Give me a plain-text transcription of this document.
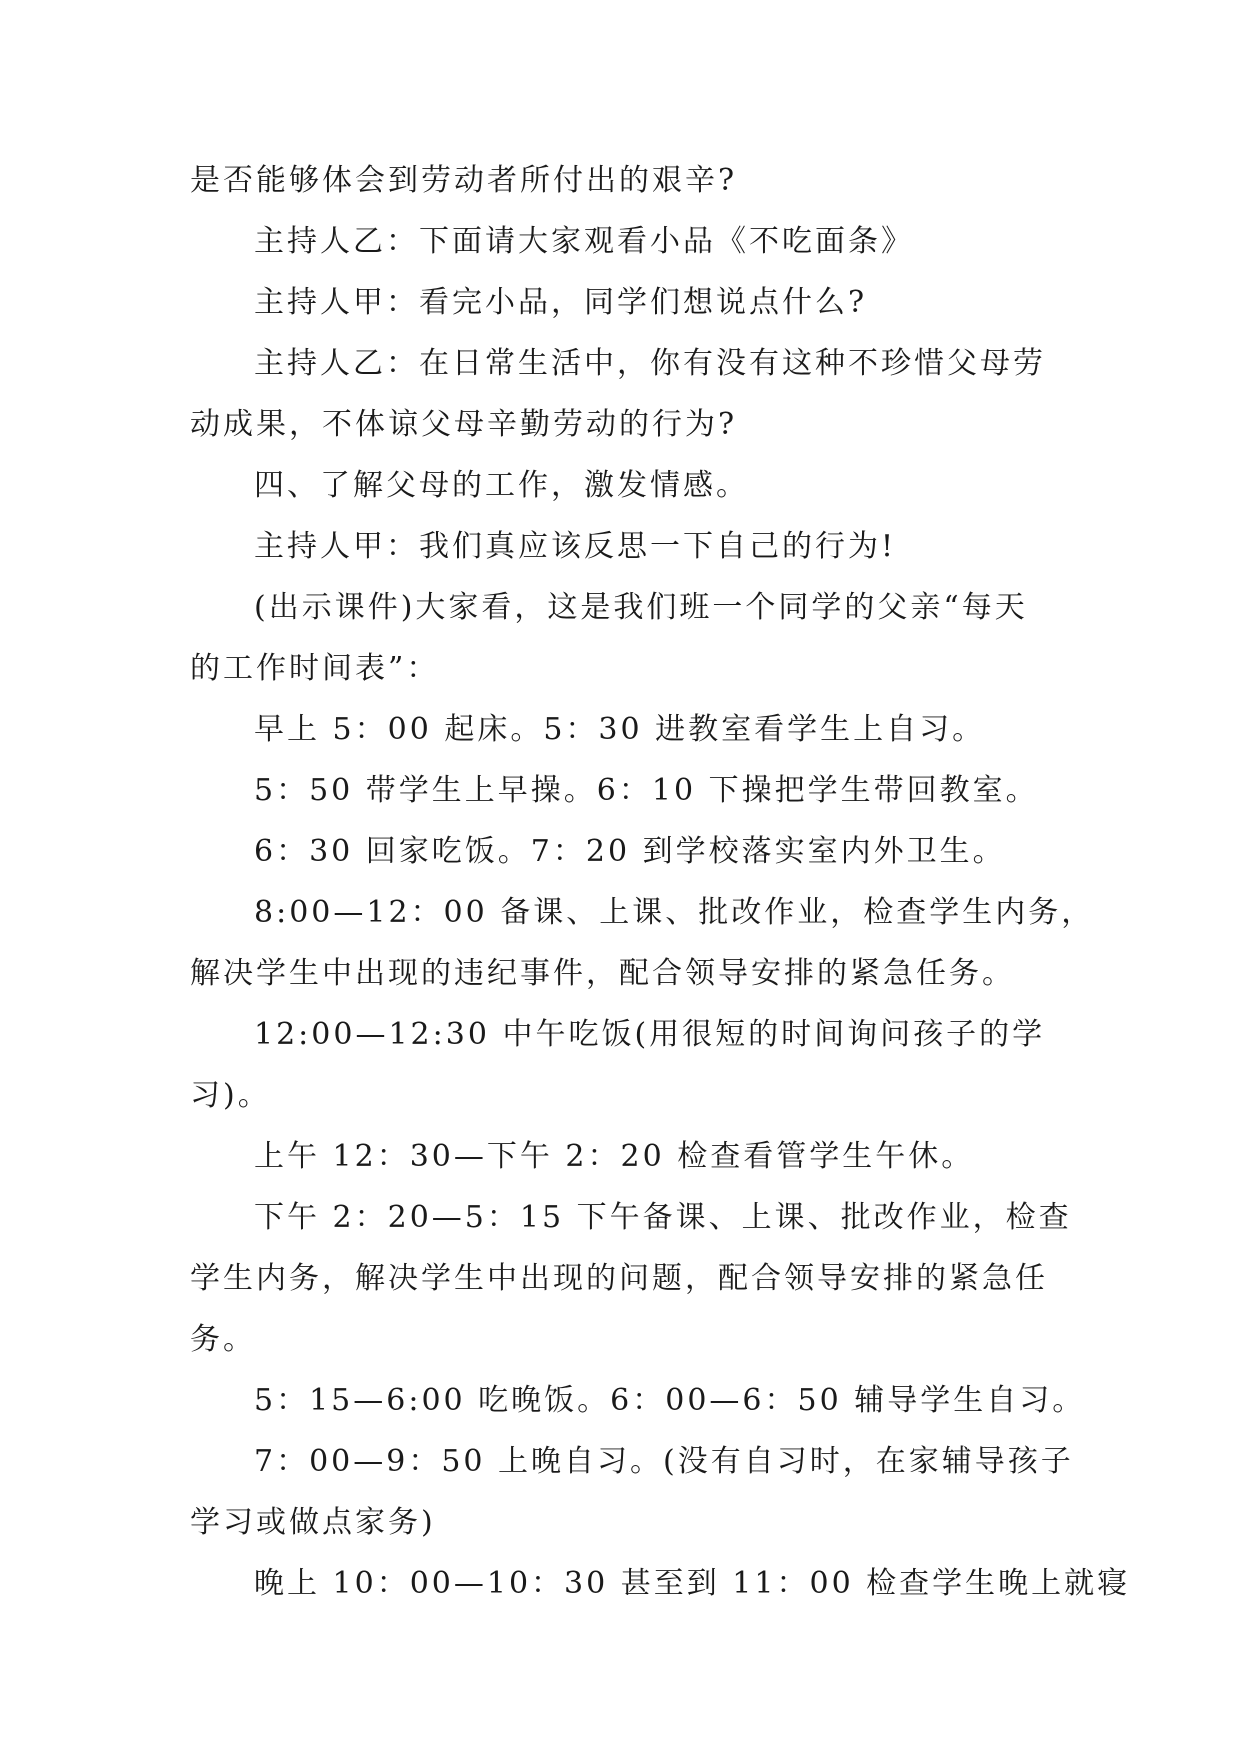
是否能够体会到劳动者所付出的艰辛?
主持人乙：下面请大家观看小品《不吃面条》
主持人甲：看完小品，同学们想说点什么?
主持人乙：在日常生活中，你有没有这种不珍惜父母劳
动成果，不体谅父母辛勤劳动的行为?
四、了解父母的工作，激发情感。
主持人甲：我们真应该反思一下自己的行为!
(出示课件)大家看，这是我们班一个同学的父亲“每天
的工作时间表”：
早上 5：00 起床。5：30 进教室看学生上自习。
5：50 带学生上早操。6：10 下操把学生带回教室。
6：30 回家吃饭。7：20 到学校落实室内外卫生。
8:00—12：00 备课、上课、批改作业，检查学生内务，
解决学生中出现的违纪事件，配合领导安排的紧急任务。
12:00—12:30 中午吃饭(用很短的时间询问孩子的学
习)。
上午 12：30—下午 2：20 检查看管学生午休。
下午 2：20—5：15 下午备课、上课、批改作业，检查
学生内务，解决学生中出现的问题，配合领导安排的紧急任
务。
5：15—6:00 吃晚饭。6：00—6：50 辅导学生自习。
7：00—9：50 上晚自习。(没有自习时，在家辅导孩子
学习或做点家务)
晚上 10：00—10：30 甚至到 11：00 检查学生晚上就寝
